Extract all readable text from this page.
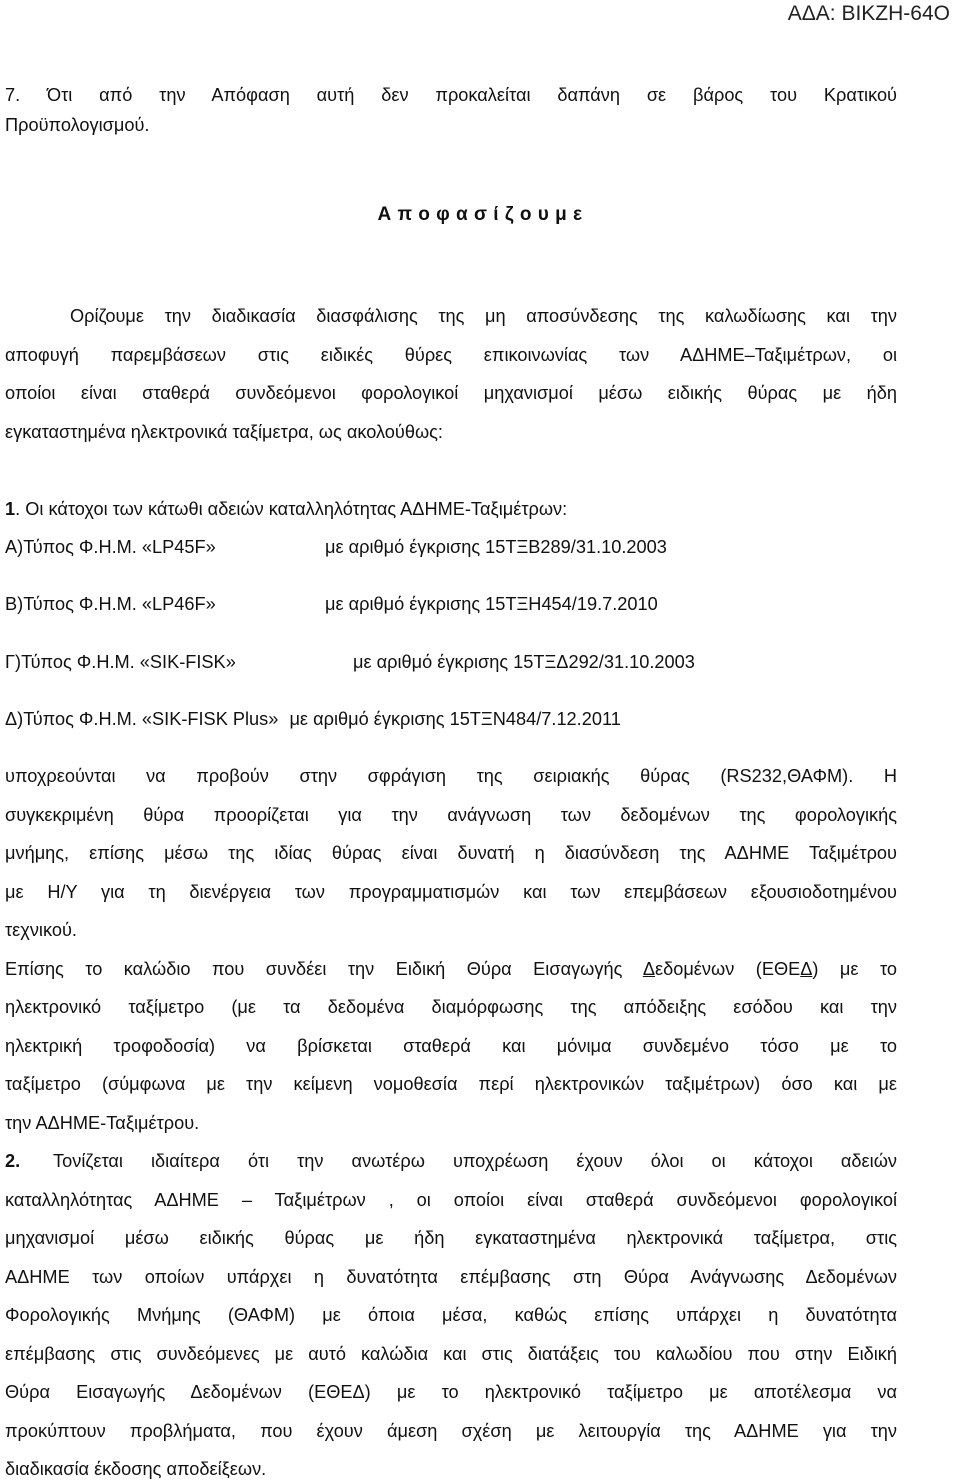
ΑΔΑ: ΒΙΚΖΗ-64Ο
7. Ότι από την Απόφαση αυτή δεν προκαλείται δαπάνη σε βάρος του Κρατικού
Προϋπολογισμού.
Α π ο φ α σ ί ζ ο υ μ ε
Ορίζουμε την διαδικασία διασφάλισης της μη αποσύνδεσης της καλωδίωσης και την
αποφυγή παρεμβάσεων στις ειδικές θύρες επικοινωνίας των ΑΔΗΜΕ–Ταξιμέτρων, οι
οποίοι είναι σταθερά συνδεόμενοι φορολογικοί μηχανισμοί μέσω ειδικής θύρας με ήδη
εγκαταστημένα ηλεκτρονικά ταξίμετρα, ως ακολούθως:
1. Οι κάτοχοι των κάτωθι αδειών καταλληλότητας ΑΔΗΜΕ-Ταξιμέτρων:
Α)Τύπος Φ.Η.Μ. «LP45F»	με αριθμό έγκρισης 15ΤΞΒ289/31.10.2003
Β)Τύπος Φ.Η.Μ. «LP46F»	με αριθμό έγκρισης 15ΤΞΗ454/19.7.2010
Γ)Τύπος Φ.Η.Μ. «SIK-FISK»	με αριθμό έγκρισης 15ΤΞΔ292/31.10.2003
Δ)Τύπος Φ.Η.Μ. «SIK-FISK Plus» με αριθμό έγκρισης 15ΤΞΝ484/7.12.2011
υποχρεούνται να προβούν στην σφράγιση της σειριακής θύρας (RS232,ΘΑΦΜ). Η
συγκεκριμένη θύρα προορίζεται για την ανάγνωση των δεδομένων της φορολογικής
μνήμης, επίσης μέσω της ιδίας θύρας είναι δυνατή η διασύνδεση της ΑΔΗΜΕ Ταξιμέτρου
με Η/Υ για τη διενέργεια των προγραμματισμών και των επεμβάσεων εξουσιοδοτημένου
τεχνικού.
Επίσης το καλώδιο που συνδέει την Ειδική Θύρα Εισαγωγής Δεδομένων (ΕΘΕΔ) με το
ηλεκτρονικό ταξίμετρο (με τα δεδομένα διαμόρφωσης της απόδειξης εσόδου και την
ηλεκτρική τροφοδοσία) να βρίσκεται σταθερά και μόνιμα συνδεμένο τόσο με το
ταξίμετρο (σύμφωνα με την κείμενη νομοθεσία περί ηλεκτρονικών ταξιμέτρων) όσο και με
την ΑΔΗΜΕ-Ταξιμέτρου.
2. Τονίζεται ιδιαίτερα ότι την ανωτέρω υποχρέωση έχουν όλοι οι κάτοχοι αδειών
καταλληλότητας ΑΔΗΜΕ – Ταξιμέτρων , οι οποίοι είναι σταθερά συνδεόμενοι φορολογικοί
μηχανισμοί μέσω ειδικής θύρας με ήδη εγκαταστημένα ηλεκτρονικά ταξίμετρα, στις
ΑΔΗΜΕ των οποίων υπάρχει η δυνατότητα επέμβασης στη Θύρα Ανάγνωσης Δεδομένων
Φορολογικής Μνήμης (ΘΑΦΜ) με όποια μέσα, καθώς επίσης υπάρχει η δυνατότητα
επέμβασης στις συνδεόμενες με αυτό καλώδια και στις διατάξεις του καλωδίου που στην Ειδική
Θύρα Εισαγωγής Δεδομένων (ΕΘΕΔ) με το ηλεκτρονικό ταξίμετρο με αποτέλεσμα να
προκύπτουν προβλήματα, που έχουν άμεση σχέση με λειτουργία της ΑΔΗΜΕ για την
διαδικασία έκδοσης αποδείξεων.
